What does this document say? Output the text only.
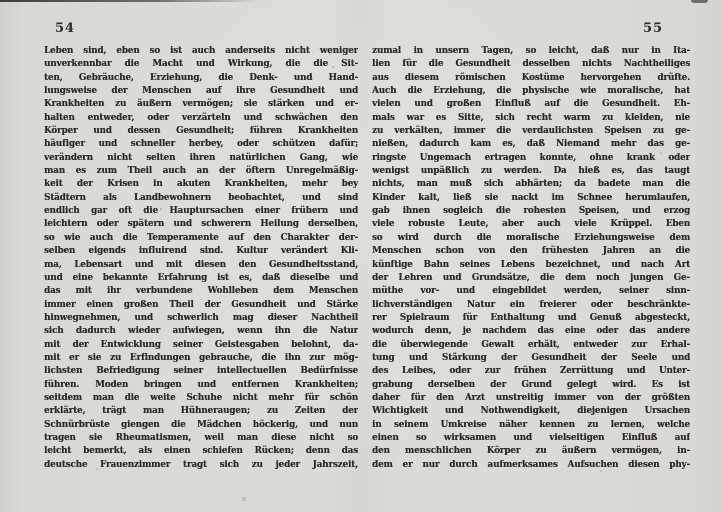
54
Leben sind, eben so ist auch anderseits nicht weniger
unverkennbar die Macht und Wirkung, die die Sit-
ten, Gebräuche, Erziehung, die Denk- und Hand-
lungsweise der Menschen auf ihre Gesundheit und
Krankheiten zu äußern vermögen; sie stärken und er-
halten entweder, oder verzärteln und schwächen den
Körper und dessen Gesundheit; führen Krankheiten
häufiger und schneller herbey, oder schützen dafür;
verändern nicht selten ihren natürlichen Gang, wie
man es zum Theil auch an der öftern Unregelmäßig-
keit der Krisen in akuten Krankheiten, mehr bey
Städtern als Landbewohnern beobachtet, und sind
endlich gar oft die Hauptursachen einer frühern und
leichtern oder spätern und schwerern Heilung derselben,
so wie auch die Temperamente auf den Charakter der-
selben eigends influirend sind. Kultur verändert Kli-
ma, Lebensart und mit diesen den Gesundheitsstand,
und eine bekannte Erfahrung ist es, daß dieselbe und
das mit ihr verbundene Wohlleben dem Menschen
immer einen großen Theil der Gesundheit und Stärke
hinwegnehmen, und schwerlich mag dieser Nachtheil
sich dadurch wieder aufwiegen, wenn ihn die Natur
mit der Entwicklung seiner Geistesgaben belohnt, da-
mit er sie zu Erfindungen gebrauche, die ihn zur mög-
lichsten Befriedigung seiner intellectuellen Bedürfnisse
führen. Moden bringen und entfernen Krankheiten;
seitdem man die weite Schuhe nicht mehr für schön
erklärte, trägt man Hühneraugen; zu Zeiten der
Schnürbrüste giengen die Mädchen höckerig, und nun
tragen sie Rheumatismen, weil man diese nicht so
leicht bemerkt, als einen schiefen Rücken; denn das
deutsche Frauenzimmer tragt sich zu jeder Jahrszeit,
55
zumal in unsern Tagen, so leicht, daß nur in Ita-
lien für die Gesundheit desselben nichts Nachtheiliges
aus diesem römischen Kostüme hervorgehen drüfte.
Auch die Erziehung, die physische wie moralische, hat
vielen und großen Einfluß auf die Gesundheit. Eh-
mals war es Sitte, sich recht warm zu kleiden, nie
zu verkälten, immer die verdaulichsten Speisen zu ge-
nießen, dadurch kam es, daß Niemand mehr das ge-
ringste Ungemach ertragen konnte, ohne krank oder
wenigst unpäßlich zu werden. Da hieß es, das taugt
nichts, man muß sich abhärten; da badete man die
Kinder kalt, ließ sie nackt im Schnee herumlaufen,
gab ihnen sogleich die rohesten Speisen, und erzog
viele robuste Leute, aber auch viele Krüppel. Eben
so wird durch die moralische Erziehungsweise dem
Menschen schon von den frühesten Jahren an die
künftige Bahn seines Lebens bezeichnet, und nach Art
der Lehren und Grundsätze, die dem noch jungen Ge-
müthe vor- und eingebildet werden, seiner sinn-
lichverständigen Natur ein freierer oder beschränkte-
rer Spielraum für Enthaltung und Genuß abgesteckt,
wodurch denn, je nachdem das eine oder das andere
die überwiegende Gewalt erhält, entweder zur Erhal-
tung und Stärkung der Gesundheit der Seele und
des Leibes, oder zur frühen Zerrüttung und Unter-
grabung derselben der Grund gelegt wird. Es ist
daher für den Arzt unstreitig immer von der größten
Wichtigkeit und Nothwendigkeit, diejenigen Ursachen
in seinem Umkreise näher kennen zu lernen, welche
einen so wirksamen und vielseitigen Einfluß auf
den menschlichen Körper zu äußern vermögen, in-
dem er nur durch aufmerksames Aufsuchen diesen phy-
